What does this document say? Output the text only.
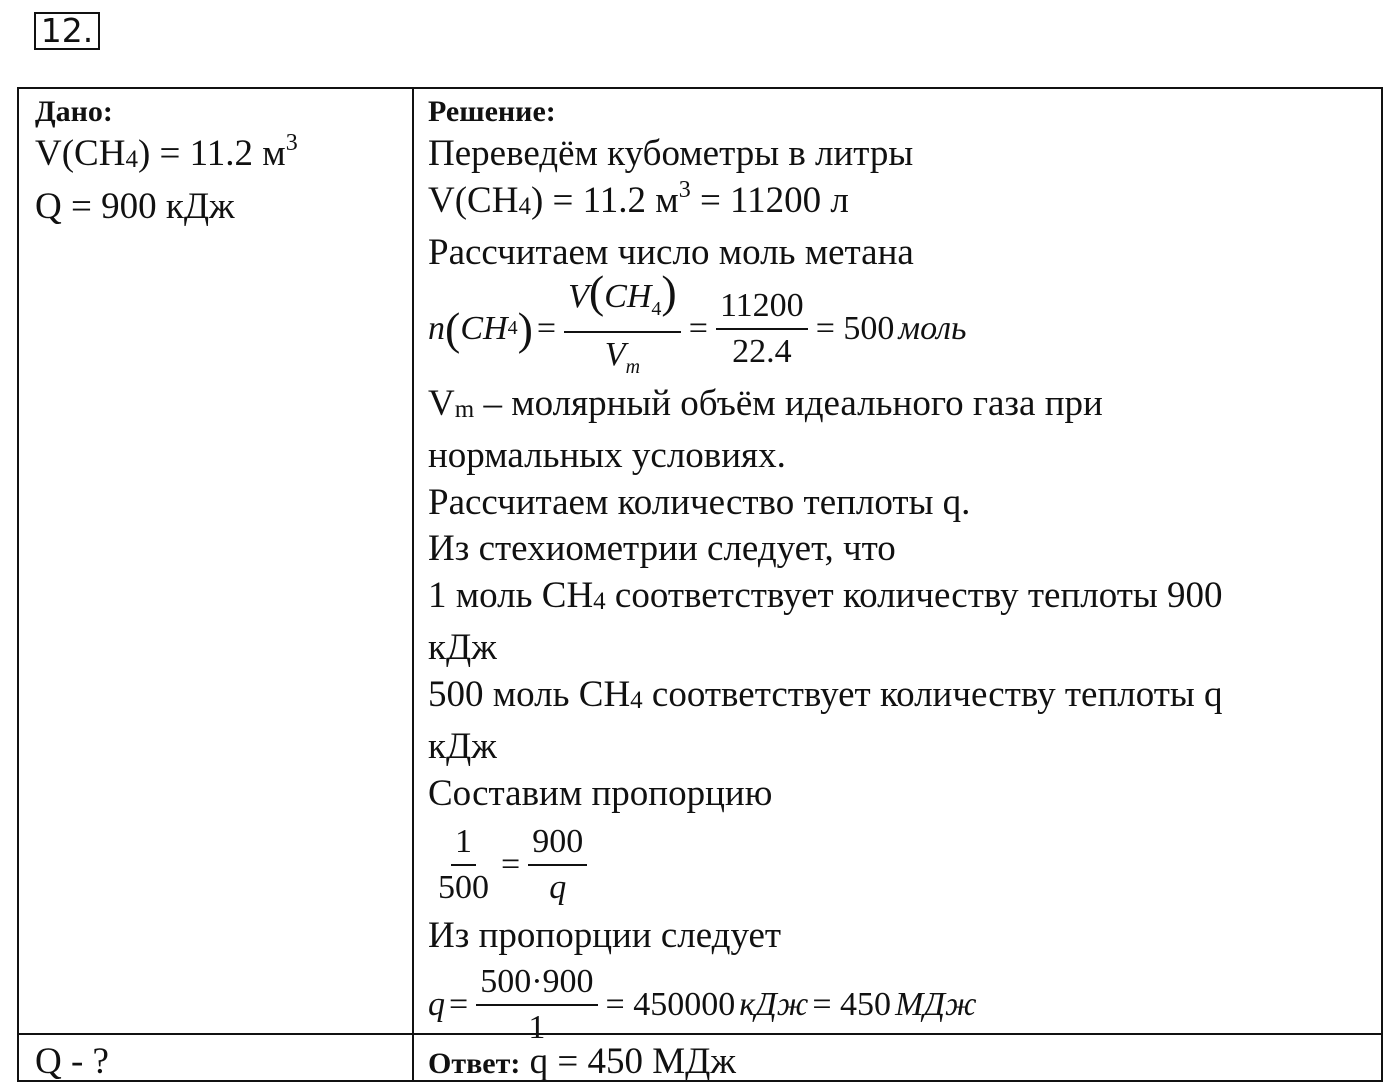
12.
Дано:
$V(CH_4) = 11.2$ $м^3$
Q = 900 кДж
Решение:
Переведём кубометры в литры
$V(CH_4) = 11.2$ $м^3 = 11200$ л
Рассчитаем число моль метана
n ( CH 4 ) = $\frac{V(CH_4)}{V_m} = \frac{11200}{22.4} = 500$ моль
$V_m$ – молярный объём идеального газа при
нормальных условиях.
Рассчитаем количество теплоты q.
Из стехиометрии следует, что
1 моль $CH_4$ соответствует количеству теплоты 900
кДж
500 моль $CH_4$ соответствует количеству теплоты q
кДж
Составим пропорцию
$\frac{1}{500} = \frac{900}{q}$
Из пропорции следует
$q = \frac{500\cdot 900}{1} = 450000$ кДж = 450 МДж
Q - ?	Ответ: q = 450 МДж
